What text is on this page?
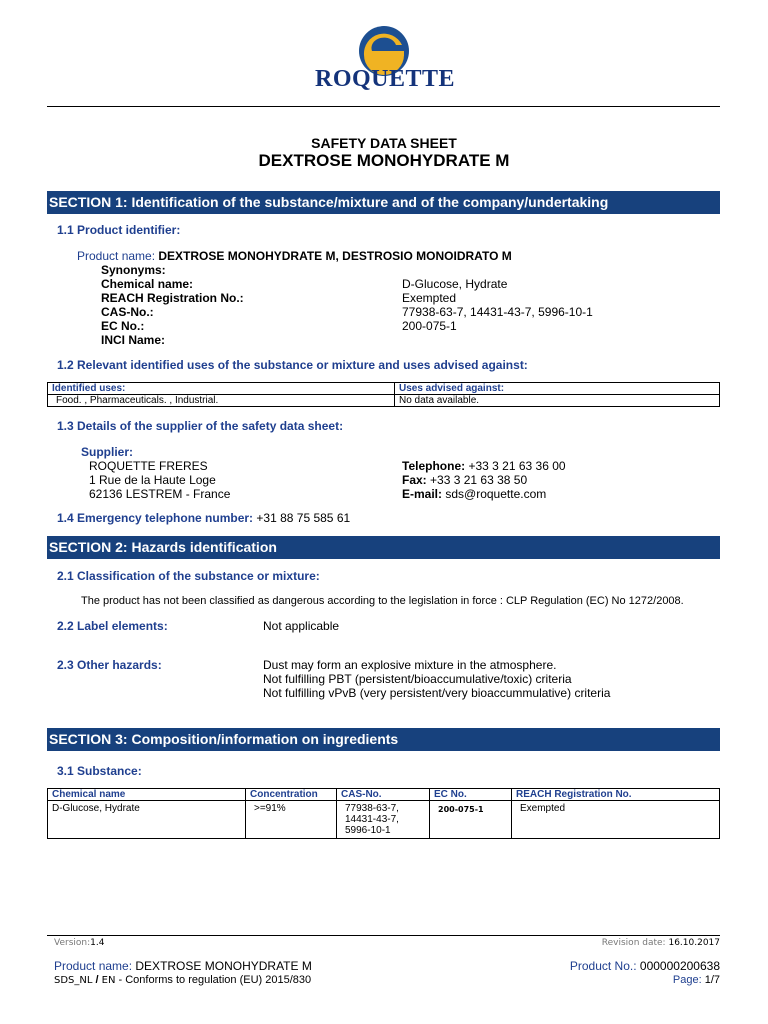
ROQUETTE
SAFETY DATA SHEET
DEXTROSE MONOHYDRATE M
SECTION 1: Identification of the substance/mixture and of the company/undertaking
1.1 Product identifier:
Product name: DEXTROSE MONOHYDRATE M, DESTROSIO MONOIDRATO M
Synonyms:
Chemical name:	D-Glucose, Hydrate
REACH Registration No.:	Exempted
CAS-No.:	77938-63-7, 14431-43-7, 5996-10-1
EC No.:	200-075-1
INCI Name:
1.2 Relevant identified uses of the substance or mixture and uses advised against:
Identified uses:	Uses advised against:
Food. , Pharmaceuticals. , Industrial.	No data available.
1.3 Details of the supplier of the safety data sheet:
Supplier:
ROQUETTE FRERES
1 Rue de la Haute Loge
62136 LESTREM - France
Telephone: +33 3 21 63 36 00
Fax: +33 3 21 63 38 50
E-mail: sds@roquette.com
1.4 Emergency telephone number: +31 88 75 585 61
SECTION 2: Hazards identification
2.1 Classification of the substance or mixture:
The product has not been classified as dangerous according to the legislation in force : CLP Regulation (EC) No 1272/2008.
2.2 Label elements:	Not applicable
2.3 Other hazards:	Dust may form an explosive mixture in the atmosphere.
Not fulfilling PBT (persistent/bioaccumulative/toxic) criteria
Not fulfilling vPvB (very persistent/very bioaccummulative) criteria
SECTION 3: Composition/information on ingredients
3.1 Substance:
Chemical name	Concentration	CAS-No.	EC No.	REACH Registration No.
D-Glucose, Hydrate	>=91%	77938-63-7,
14431-43-7,
5996-10-1	200-075-1	Exempted
Version:1.4	Revision date: 16.10.2017
Product name: DEXTROSE MONOHYDRATE M	Product No.: 000000200638
SDS_NL / EN - Conforms to regulation (EU) 2015/830	Page: 1/7
